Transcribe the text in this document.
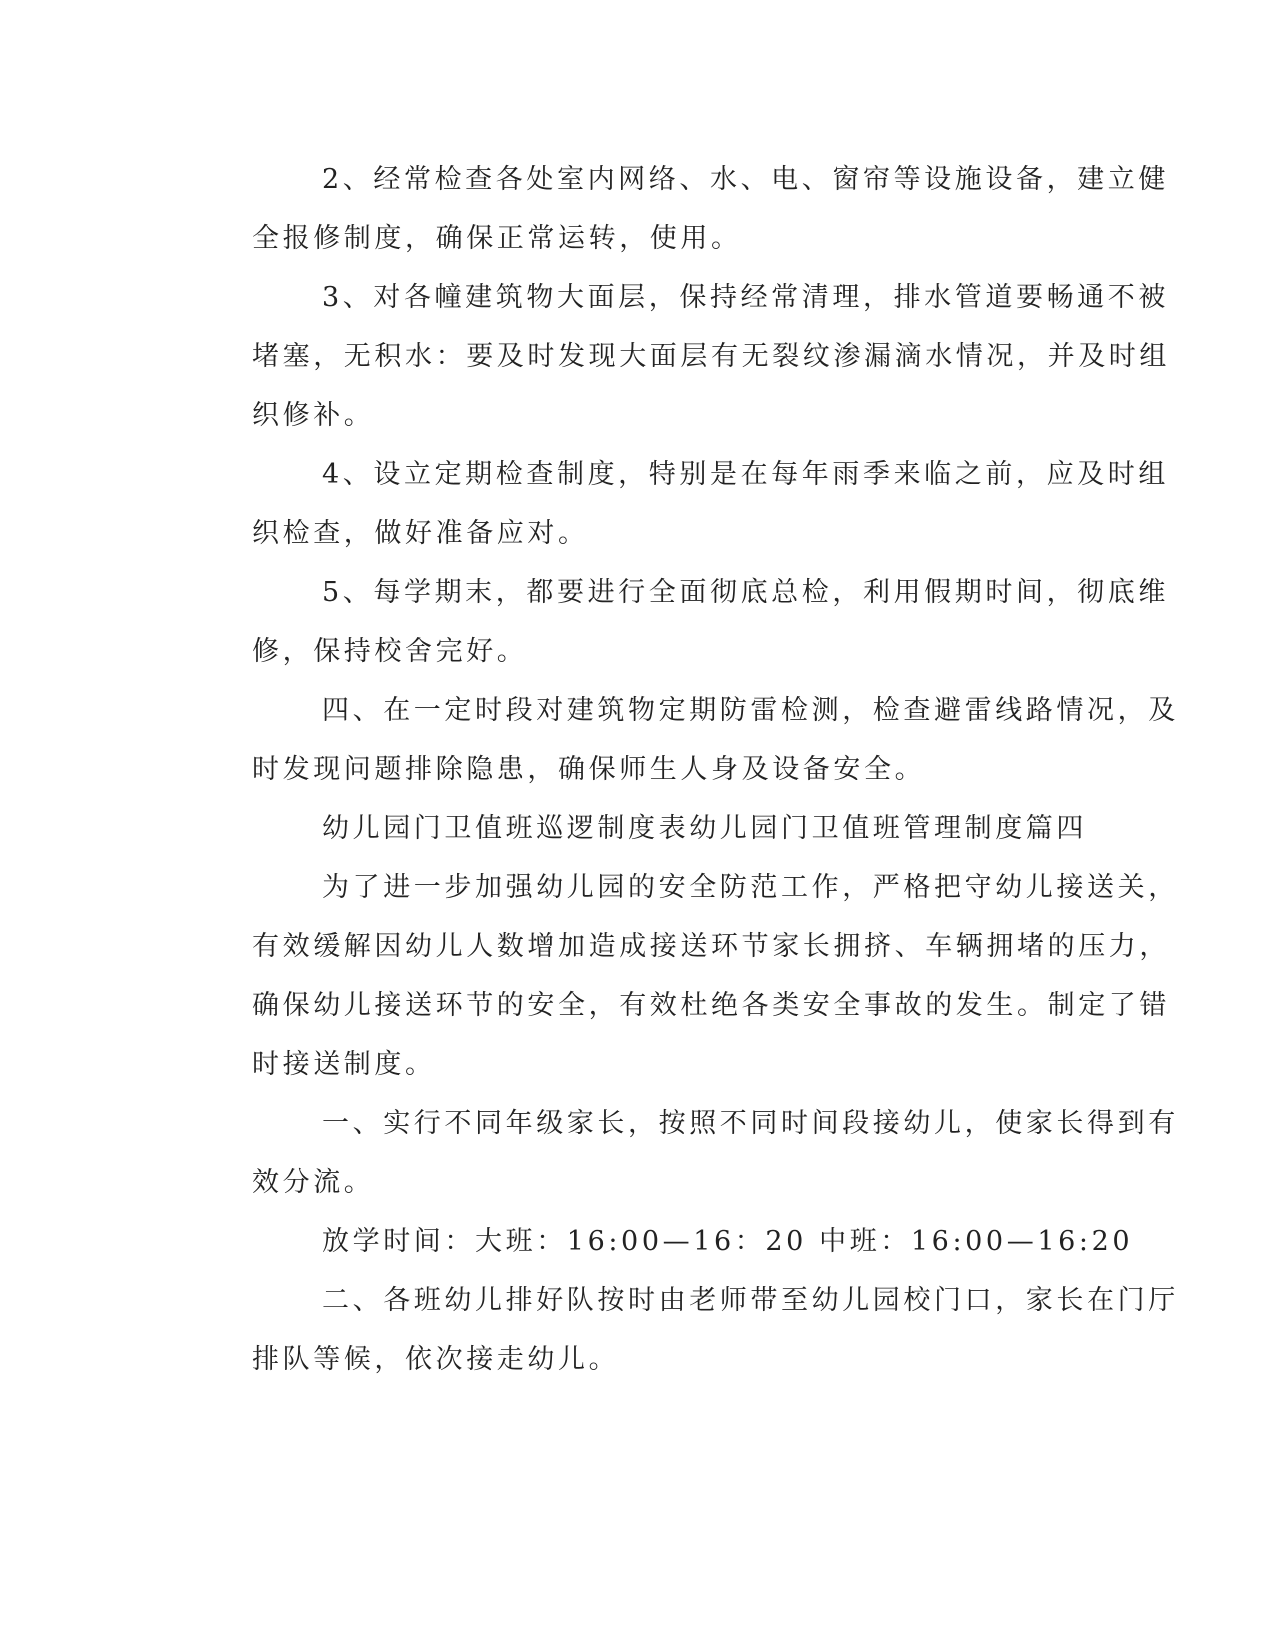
2、经常检查各处室内网络、水、电、窗帘等设施设备，建立健
全报修制度，确保正常运转，使用。
3、对各幢建筑物大面层，保持经常清理，排水管道要畅通不被
堵塞，无积水：要及时发现大面层有无裂纹渗漏滴水情况，并及时组
织修补。
4、设立定期检查制度，特别是在每年雨季来临之前，应及时组
织检查，做好准备应对。
5、每学期末，都要进行全面彻底总检，利用假期时间，彻底维
修，保持校舍完好。
四、在一定时段对建筑物定期防雷检测，检查避雷线路情况，及
时发现问题排除隐患，确保师生人身及设备安全。
幼儿园门卫值班巡逻制度表幼儿园门卫值班管理制度篇四
为了进一步加强幼儿园的安全防范工作，严格把守幼儿接送关，
有效缓解因幼儿人数增加造成接送环节家长拥挤、车辆拥堵的压力，
确保幼儿接送环节的安全，有效杜绝各类安全事故的发生。制定了错
时接送制度。
一、实行不同年级家长，按照不同时间段接幼儿，使家长得到有
效分流。
放学时间：大班：16:00—16：20 中班：16:00—16:20
二、各班幼儿排好队按时由老师带至幼儿园校门口，家长在门厅
排队等候，依次接走幼儿。
